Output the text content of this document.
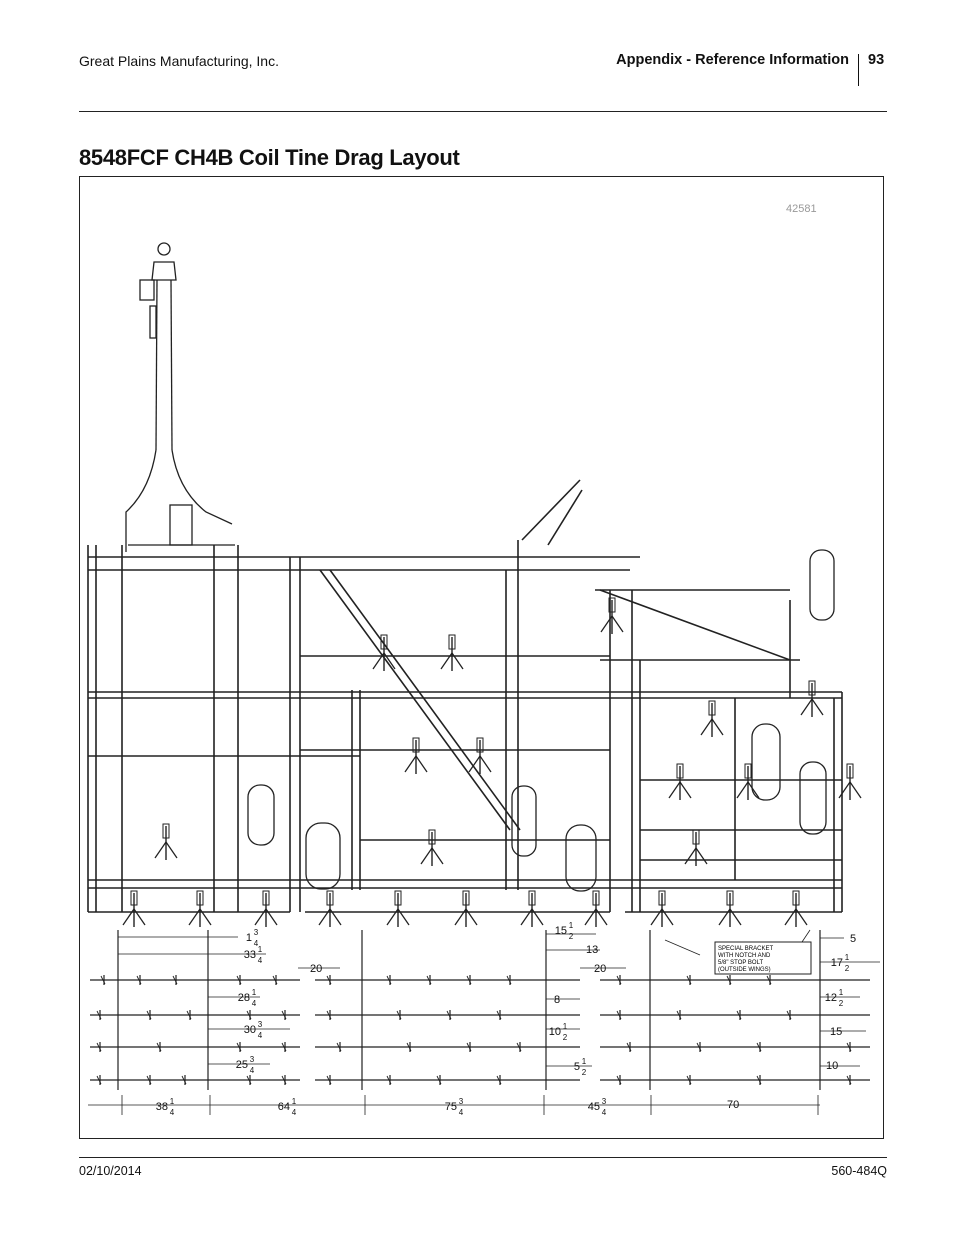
Great Plains Manufacturing, Inc.	Appendix - Reference Information 93
8548FCF CH4B Coil Tine Drag Layout
42581
SPECIAL BRACKET
WITH NOTCH AND
5/8" STOP BOLT
(OUTSIDE WINGS)
1 3
4
33 1
4
20
15 1
2
13
20
5
17 1
2
28 1
4	8	12 1
2
30 3
4	10 1
2	15
25 3
4	5 1
2
10
38 1
4	64 1
4	75 3
4	45 3
4
70
02/10/2014	560-484Q
